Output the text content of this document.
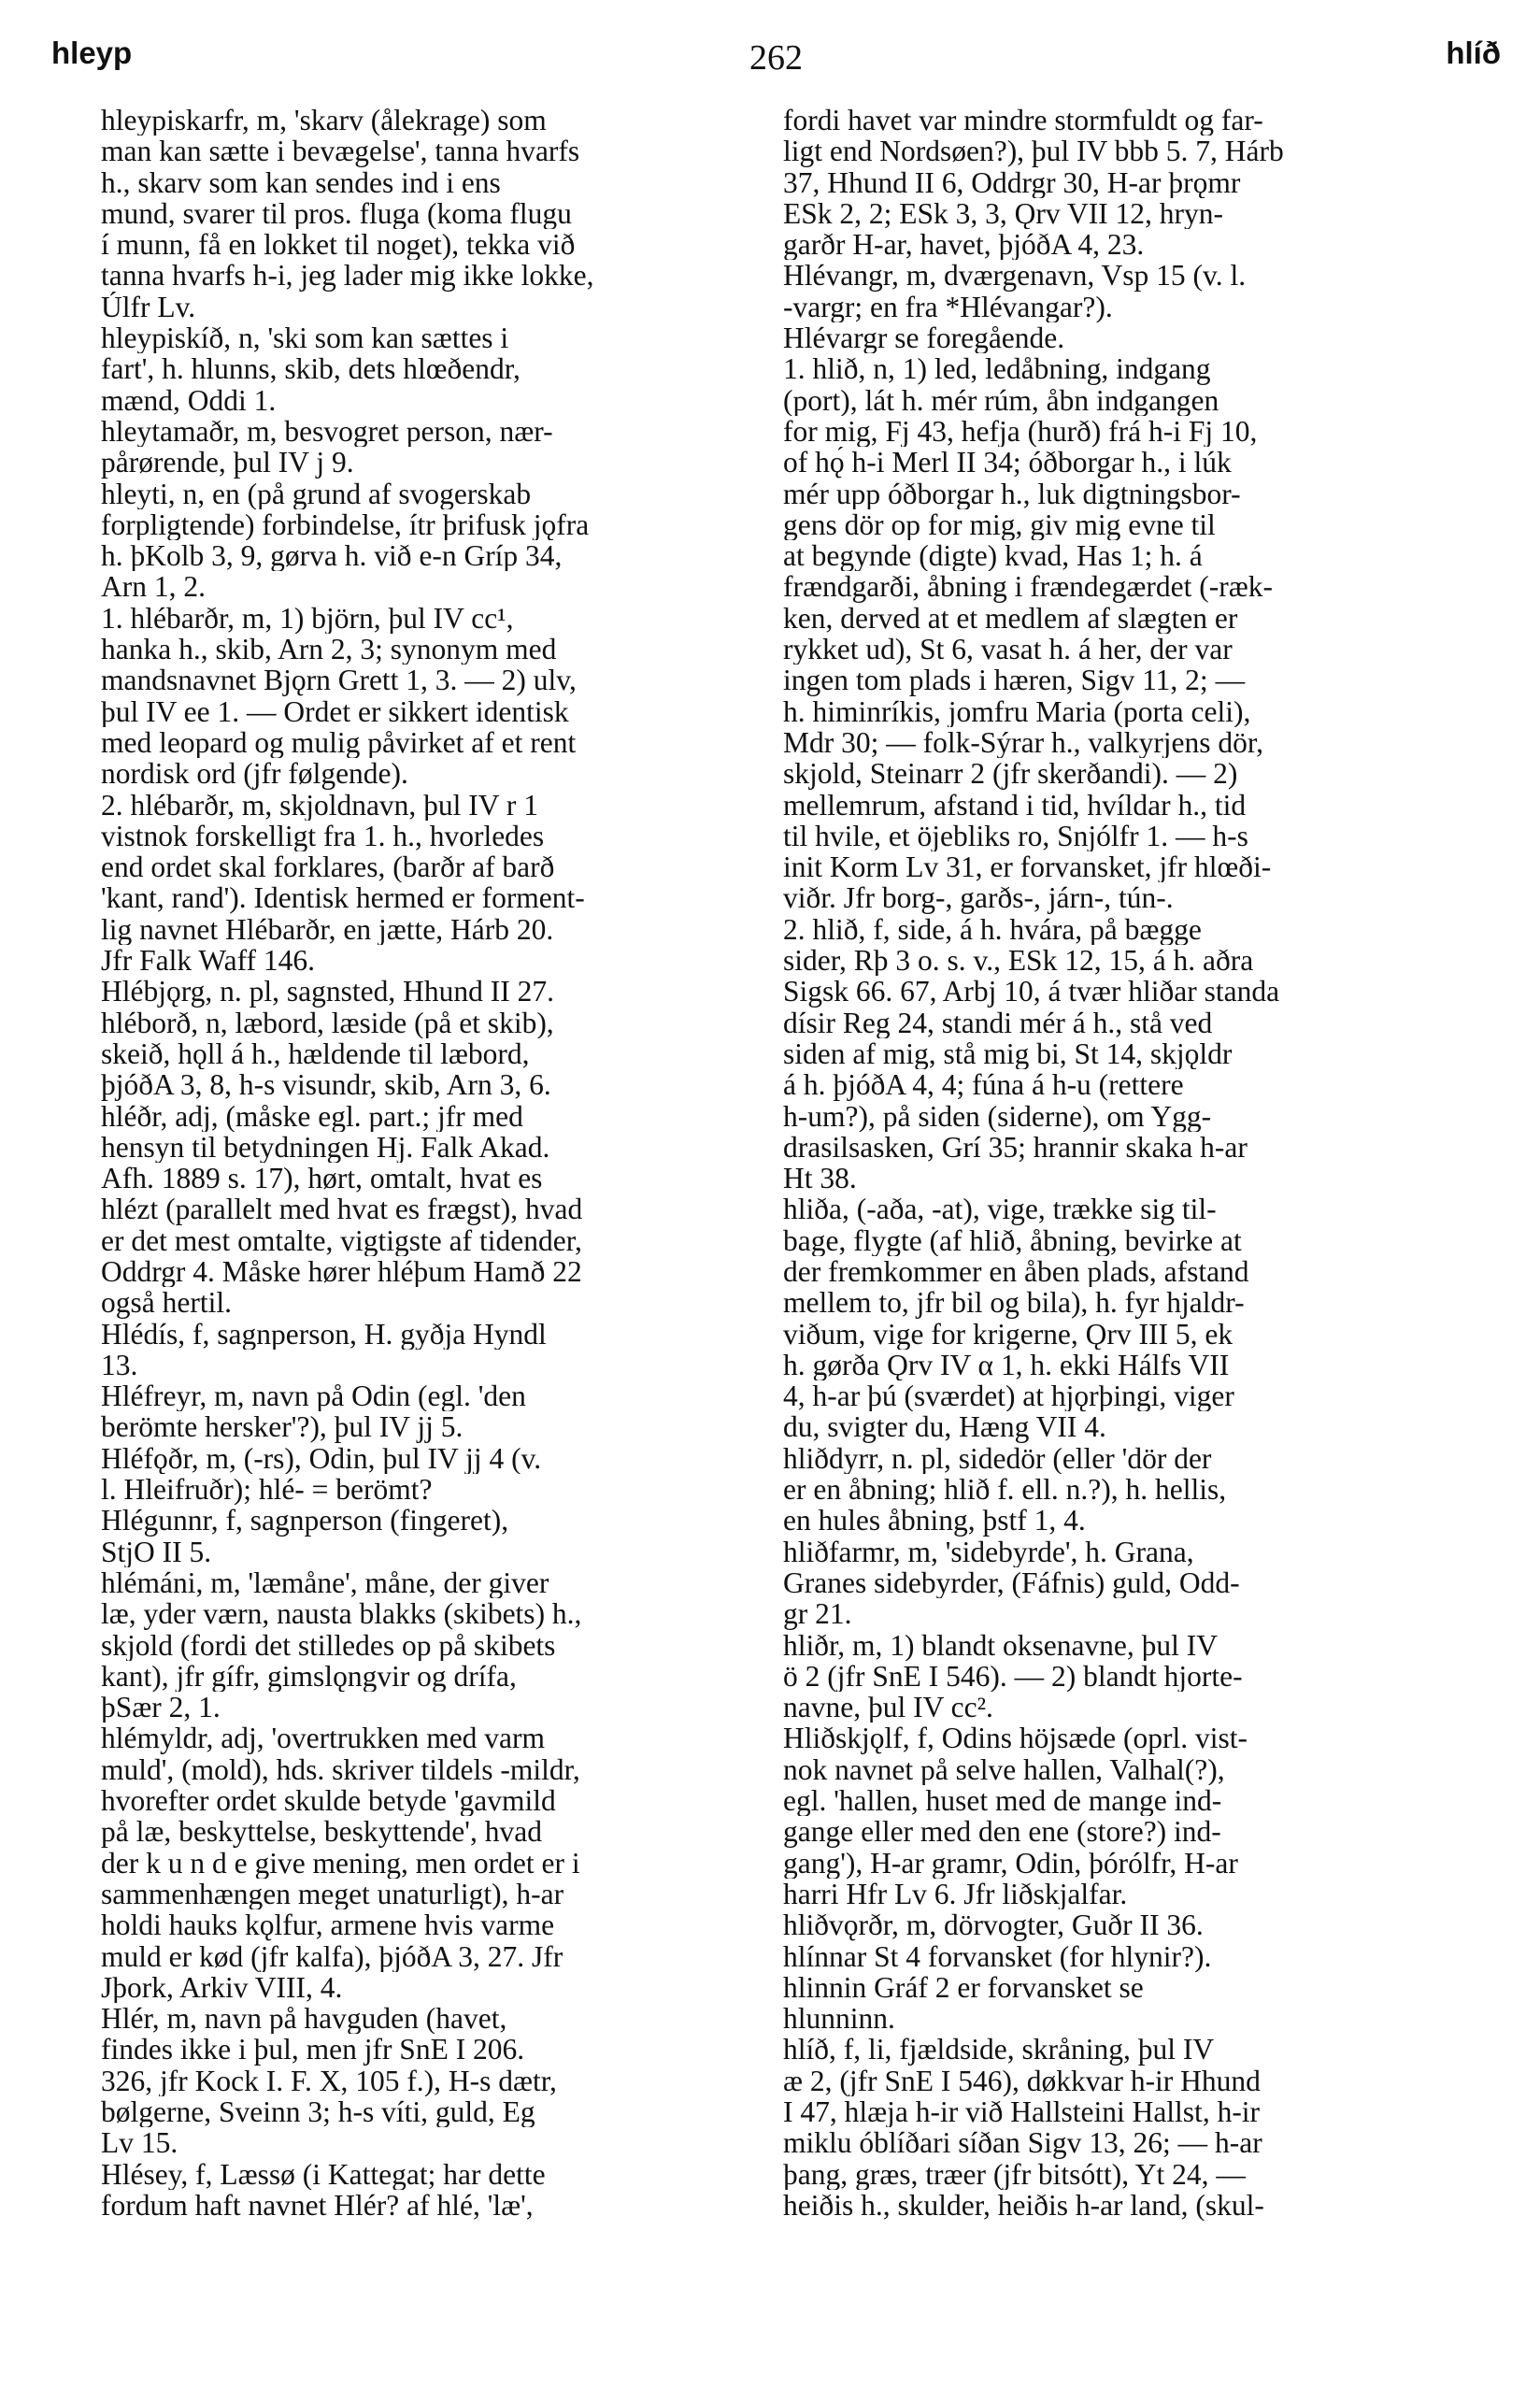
hleyp	262	hlíð
hleypiskarfr, m, 'skarv (ålekrage) som
man kan sætte i bevægelse', tanna hvarfs
h., skarv som kan sendes ind i ens
mund, svarer til pros. fluga (koma flugu
í munn, få en lokket til noget), tekka við
tanna hvarfs h-i, jeg lader mig ikke lokke,
Úlfr Lv.
hleypiskíð, n, 'ski som kan sættes i
fart', h. hlunns, skib, dets hlœðendr,
mænd, Oddi 1.
hleytamaðr, m, besvogret person, nær-
pårørende, þul IV j 9.
hleyti, n, en (på grund af svogerskab
forpligtende) forbindelse, ítr þrifusk jǫfra
h. þKolb 3, 9, gørva h. við e-n Gríp 34,
Arn 1, 2.
1. hlébarðr, m, 1) björn, þul IV cc¹,
hanka h., skib, Arn 2, 3; synonym med
mandsnavnet Bjǫrn Grett 1, 3. — 2) ulv,
þul IV ee 1. — Ordet er sikkert identisk
med leopard og mulig påvirket af et rent
nordisk ord (jfr følgende).
2. hlébarðr, m, skjoldnavn, þul IV r 1
vistnok forskelligt fra 1. h., hvorledes
end ordet skal forklares, (barðr af barð
'kant, rand'). Identisk hermed er forment-
lig navnet Hlébarðr, en jætte, Hárb 20.
Jfr Falk Waff 146.
Hlébjǫrg, n. pl, sagnsted, Hhund II 27.
hléborð, n, læbord, læside (på et skib),
skeið, hǫll á h., hældende til læbord,
þjóðA 3, 8, h-s visundr, skib, Arn 3, 6.
hléðr, adj, (måske egl. part.; jfr med
hensyn til betydningen Hj. Falk Akad.
Afh. 1889 s. 17), hørt, omtalt, hvat es
hlézt (parallelt med hvat es frægst), hvad
er det mest omtalte, vigtigste af tidender,
Oddrgr 4. Måske hører hléþum Hamð 22
også hertil.
Hlédís, f, sagnperson, H. gyðja Hyndl
13.
Hléfreyr, m, navn på Odin (egl. 'den
berömte hersker'?), þul IV jj 5.
Hléfǫðr, m, (-rs), Odin, þul IV jj 4 (v.
l. Hleifruðr); hlé- = berömt?
Hlégunnr, f, sagnperson (fingeret),
StjO II 5.
hlémáni, m, 'læmåne', måne, der giver
læ, yder værn, nausta blakks (skibets) h.,
skjold (fordi det stilledes op på skibets
kant), jfr gífr, gimslǫngvir og drífa,
þSær 2, 1.
hlémyldr, adj, 'overtrukken med varm
muld', (mold), hds. skriver tildels -mildr,
hvorefter ordet skulde betyde 'gavmild
på læ, beskyttelse, beskyttende', hvad
der k u n d e give mening, men ordet er i
sammenhængen meget unaturligt), h-ar
holdi hauks kǫlfur, armene hvis varme
muld er kød (jfr kalfa), þjóðA 3, 27. Jfr
Jþork, Arkiv VIII, 4.
Hlér, m, navn på havguden (havet,
findes ikke i þul, men jfr SnE I 206.
326, jfr Kock I. F. X, 105 f.), H-s dætr,
bølgerne, Sveinn 3; h-s víti, guld, Eg
Lv 15.
Hlésey, f, Læssø (i Kattegat; har dette
fordum haft navnet Hlér? af hlé, 'læ',
fordi havet var mindre stormfuldt og far-
ligt end Nordsøen?), þul IV bbb 5. 7, Hárb
37, Hhund II 6, Oddrgr 30, H-ar þrǫmr
ESk 2, 2; ESk 3, 3, Ǫrv VII 12, hryn-
garðr H-ar, havet, þjóðA 4, 23.
Hlévangr, m, dværgenavn, Vsp 15 (v. l.
-vargr; en fra *Hlévangar?).
Hlévargr se foregående.
1. hlið, n, 1) led, ledåbning, indgang
(port), lát h. mér rúm, åbn indgangen
for mig, Fj 43, hefja (hurð) frá h-i Fj 10,
of hǫ́ h-i Merl II 34; óðborgar h., i lúk
mér upp óðborgar h., luk digtningsbor-
gens dör op for mig, giv mig evne til
at begynde (digte) kvad, Has 1; h. á
frændgarði, åbning i frændegærdet (-ræk-
ken, derved at et medlem af slægten er
rykket ud), St 6, vasat h. á her, der var
ingen tom plads i hæren, Sigv 11, 2; —
h. himinríkis, jomfru Maria (porta celi),
Mdr 30; — folk-Sýrar h., valkyrjens dör,
skjold, Steinarr 2 (jfr skerðandi). — 2)
mellemrum, afstand i tid, hvíldar h., tid
til hvile, et öjebliks ro, Snjólfr 1. — h-s
init Korm Lv 31, er forvansket, jfr hlœði-
viðr. Jfr borg-, garðs-, járn-, tún-.
2. hlið, f, side, á h. hvára, på bægge
sider, Rþ 3 o. s. v., ESk 12, 15, á h. aðra
Sigsk 66. 67, Arbj 10, á tvær hliðar standa
dísir Reg 24, standi mér á h., stå ved
siden af mig, stå mig bi, St 14, skjǫldr
á h. þjóðA 4, 4; fúna á h-u (rettere
h-um?), på siden (siderne), om Ygg-
drasilsasken, Grí 35; hrannir skaka h-ar
Ht 38.
hliða, (-aða, -at), vige, trække sig til-
bage, flygte (af hlið, åbning, bevirke at
der fremkommer en åben plads, afstand
mellem to, jfr bil og bila), h. fyr hjaldr-
viðum, vige for krigerne, Ǫrv III 5, ek
h. gørða Ǫrv IV α 1, h. ekki Hálfs VII
4, h-ar þú (sværdet) at hjǫrþingi, viger
du, svigter du, Hæng VII 4.
hliðdyrr, n. pl, sidedör (eller 'dör der
er en åbning; hlið f. ell. n.?), h. hellis,
en hules åbning, þstf 1, 4.
hliðfarmr, m, 'sidebyrde', h. Grana,
Granes sidebyrder, (Fáfnis) guld, Odd-
gr 21.
hliðr, m, 1) blandt oksenavne, þul IV
ö 2 (jfr SnE I 546). — 2) blandt hjorte-
navne, þul IV cc².
Hliðskjǫlf, f, Odins höjsæde (oprl. vist-
nok navnet på selve hallen, Valhal(?),
egl. 'hallen, huset med de mange ind-
gange eller med den ene (store?) ind-
gang'), H-ar gramr, Odin, þórólfr, H-ar
harri Hfr Lv 6. Jfr liðskjalfar.
hliðvǫrðr, m, dörvogter, Guðr II 36.
hlínnar St 4 forvansket (for hlynir?).
hlinnin Gráf 2 er forvansket se
hlunninn.
hlíð, f, li, fjældside, skråning, þul IV
æ 2, (jfr SnE I 546), døkkvar h-ir Hhund
I 47, hlæja h-ir við Hallsteini Hallst, h-ir
miklu óblíðari síðan Sigv 13, 26; — h-ar
þang, græs, træer (jfr bitsótt), Yt 24, —
heiðis h., skulder, heiðis h-ar land, (skul-
